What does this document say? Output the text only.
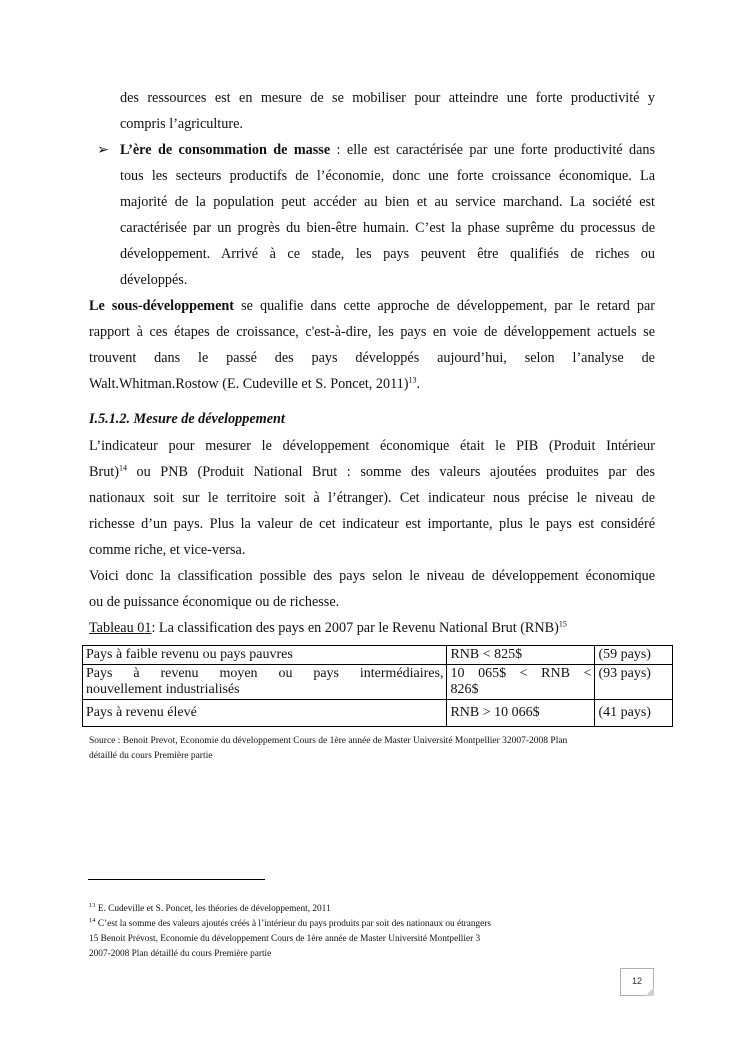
des ressources est en mesure de se mobiliser pour atteindre une forte productivité y
compris l’agriculture.
➢ L’ère de consommation de masse : elle est caractérisée par une forte productivité dans
tous les secteurs productifs de l’économie, donc une forte croissance économique. La
majorité de la population peut accéder au bien et au service marchand. La société est
caractérisée par un progrès du bien-être humain. C’est la phase suprême du processus de
développement. Arrivé à ce stade, les pays peuvent être qualifiés de riches ou
développés.
Le sous-développement se qualifie dans cette approche de développement, par le retard par
rapport à ces étapes de croissance, c'est-à-dire, les pays en voie de développement actuels se
trouvent dans le passé des pays développés aujourd’hui, selon l’analyse de
Walt.Whitman.Rostow (E. Cudeville et S. Poncet, 2011)$^{13}$.
I.5.1.2. Mesure de développement
L’indicateur pour mesurer le développement économique était le PIB (Produit Intérieur
Brut)$^{14}$ ou PNB (Produit National Brut : somme des valeurs ajoutées produites par des
nationaux soit sur le territoire soit à l’étranger). Cet indicateur nous précise le niveau de
richesse d’un pays. Plus la valeur de cet indicateur est importante, plus le pays est considéré
comme riche, et vice-versa.
Voici donc la classification possible des pays selon le niveau de développement économique
ou de puissance économique ou de richesse.
Tableau 01: La classification des pays en 2007 par le Revenu National Brut (RNB)$^{15}$
Pays à faible revenu ou pays pauvres	RNB < 825$	(59 pays)

Pays à revenu moyen ou pays intermédiaires,
nouvellement industrialisés	10 065$ < RNB <
826$	(93 pays)
Pays à revenu élevé	RNB > 10 066$	(41 pays)
Source : Benoit Prevot, Economie du développement Cours de 1ère année de Master Université Montpellier 32007-2008 Plan
détaillé du cours Première partie
$^{13}$ E. Cudeville et S. Poncet, les théories de développement, 2011
$^{14}$ C’est la somme des valeurs ajoutés créés à l’intérieur du pays produits par soit des nationaux ou étrangers
15 Benoit Prévost, Economie du développement Cours de 1ère année de Master Université Montpellier 3
2007-2008 Plan détaillé du cours Première partie
12
